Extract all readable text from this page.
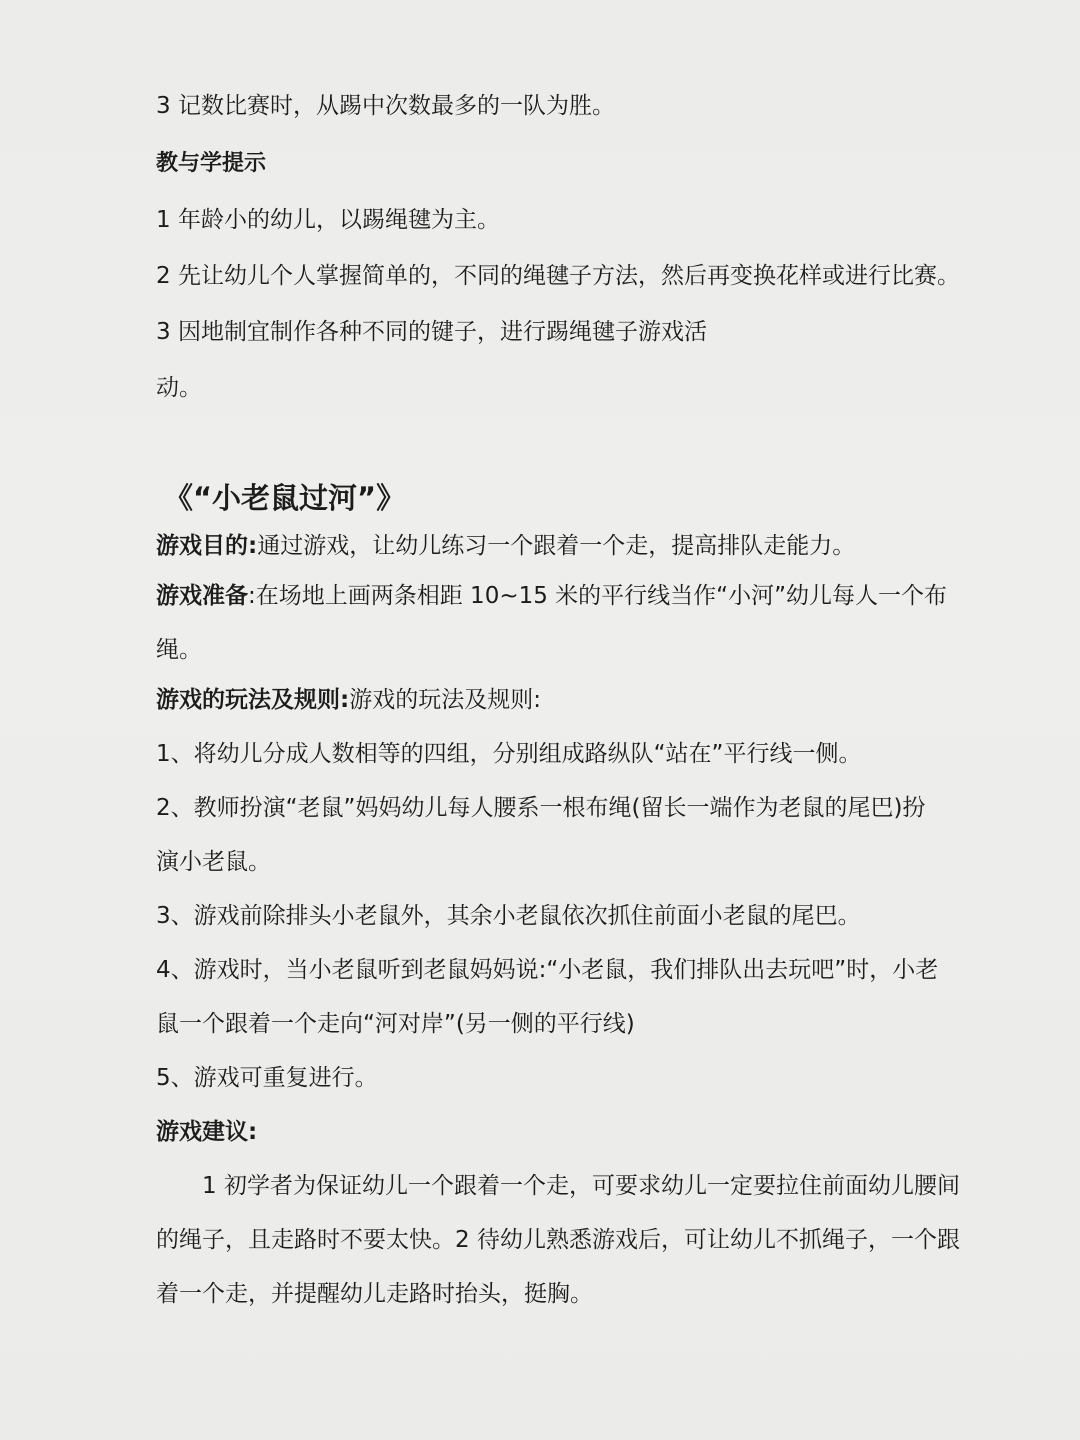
3 记数比赛时，从踢中次数最多的一队为胜。

教与学提示

1 年龄小的幼儿，以踢绳毽为主。

2 先让幼儿个人掌握简单的，不同的绳毽子方法，然后再变换花样或进行比赛。

3 因地制宜制作各种不同的键子，进行踢绳毽子游戏活

动。

《“小老鼠过河”》

游戏目的:通过游戏，让幼儿练习一个跟着一个走，提高排队走能力。

游戏准备:在场地上画两条相距 10~15 米的平行线当作“小河”幼儿每人一个布

绳。

游戏的玩法及规则:游戏的玩法及规则:

1、将幼儿分成人数相等的四组，分别组成路纵队“站在”平行线一侧。

2、教师扮演“老鼠”妈妈幼儿每人腰系一根布绳(留长一端作为老鼠的尾巴)扮

演小老鼠。

3、游戏前除排头小老鼠外，其余小老鼠依次抓住前面小老鼠的尾巴。

4、游戏时，当小老鼠听到老鼠妈妈说:“小老鼠，我们排队出去玩吧”时，小老

鼠一个跟着一个走向“河对岸”(另一侧的平行线)

5、游戏可重复进行。

游戏建议:

1 初学者为保证幼儿一个跟着一个走，可要求幼儿一定要拉住前面幼儿腰间

的绳子，且走路时不要太快。2 待幼儿熟悉游戏后，可让幼儿不抓绳子，一个跟

着一个走，并提醒幼儿走路时抬头，挺胸。
